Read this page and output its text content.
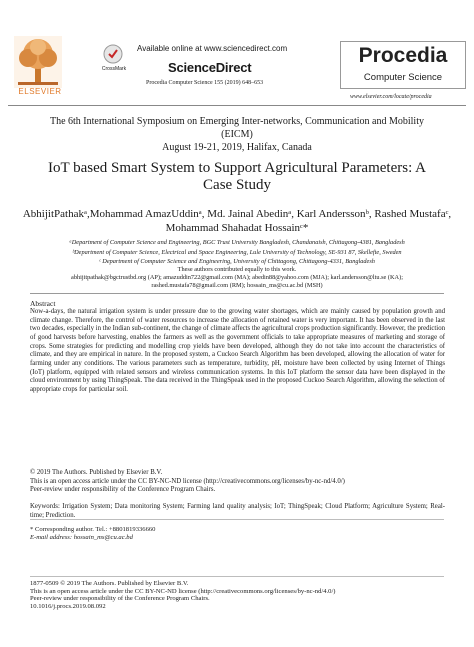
ELSEVIER
Available online at www.sciencedirect.com
CrossMark	ScienceDirect
Procedia Computer Science 155 (2019) 648–653
Procedia
Computer Science
www.elsevier.com/locate/procedia
The 6th International Symposium on Emerging Inter-networks, Communication and Mobility
(EICM)
August 19-21, 2019, Halifax, Canada
IoT based Smart System to Support Agricultural Parameters: A Case Study
AbhijitPathakᵃ,Mohammad AmazUddinᵃ, Md. Jainal Abedinᵃ, Karl Anderssonᵇ, Rashed Mustafaᶜ, Mohammad Shahadat Hossainᶜ*
ᵃDepartment of Computer Science and Engineering, BGC Trust University Bangladesh, Chandanaish, Chittagong-4381, Bangladesh
ᵇDepartment of Computer Science, Electrical and Space Engineering, Lule University of Technology, SE-931 87, Skellefte, Sweden
ᶜ Department of Computer Science and Engineering, University of Chittagong, Chittagong-4331, Bangladesh
These authors contributed equally to this work.
abhijitpathak@bgctrustbd.org (AP); amazuddin722@gmail.com (MA); abedin88@yahoo.com (MJA); karl.andersson@ltu.se (KA);
rashed.mustafa78@gmail.com (RM); hossain_ms@cu.ac.bd (MSH)
Abstract
Now-a-days, the natural irrigation system is under pressure due to the growing water shortages, which are mainly caused by population growth and climate change. Therefore, the control of water resources to increase the allocation of retained water is very important. It has been observed in the last two decades, especially in the Indian sub-continent, the change of climate affects the agricultural crops production significantly. However, the prediction of good harvests before harvesting, enables the farmers as well as the government officials to take appropriate measures of marketing and storage of crops. Some strategies for predicting and modelling crop yields have been developed, although they do not take into account the characteristics of climate, and they are empirical in nature. In the proposed system, a Cuckoo Search Algorithm has been developed, allowing the allocation of water for farming under any conditions. The various parameters such as temperature, turbidity, pH, moisture have been collected by using Internet of Things (IoT) platform, equipped with related sensors and wireless communication systems. In this IoT platform the sensor data have been displayed in the cloud environment by using ThingSpeak. The data received in the ThingSpeak used in the proposed Cuckoo Search Algorithm, allowing the selection of appropriate crops for particular soil.
© 2019 The Authors. Published by Elsevier B.V.
This is an open access article under the CC BY-NC-ND license (http://creativecommons.org/licenses/by-nc-nd/4.0/)
Peer-review under responsibility of the Conference Program Chairs.
Keywords: Irrigation System; Data monitoring System; Farming land quality analysis; IoT; ThingSpeak; Cloud Platform; Agriculture System; Real-time; Prediction.
* Corresponding author. Tel.: +8801819336660
E-mail address: hossain_ms@cu.ac.bd
1877-0509 © 2019 The Authors. Published by Elsevier B.V.
This is an open access article under the CC BY-NC-ND license (http://creativecommons.org/licenses/by-nc-nd/4.0/)
Peer-review under responsibility of the Conference Program Chairs.
10.1016/j.procs.2019.08.092
